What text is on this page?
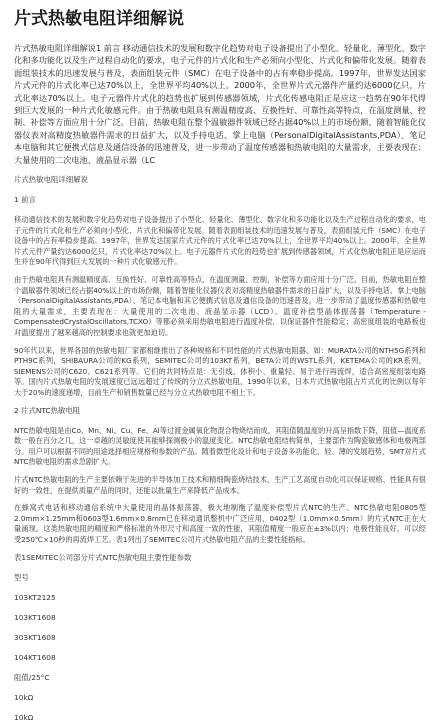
片式热敏电阻详细解说

片式热敏电阻详细解说1 前言 移动通信技术的发展和数字化趋势对电子设备提出了小型化、轻量化、薄型化、数字化和多功能化以及生产过程自动化的要求，电子元件的片式化和生产必须向小型化、片式化和偏带化发展。随着表面组装技术的迅速发展与普及，表面组装元件（SMC）在电子设备中的占有率稳步提高。1997年，世界发达国家片式元件的片式化率已达70%以上，全世界平均40%以上。2000年，全世界片式元器件产量约达6000亿只，片式化率达70%以上。电子元器件片式化的趋势也扩展到传感器领域，片式化传感电阻正是应这一趋势在90年代得到巨大发展的一种片式化敏感元件。由于热敏电阻具有测温精度高、互换性好、可靠性高等特点，在温度测量、控制、补偿等方面应用十分广泛。目前，热敏电阻在整个温敏器件领域已经占据40%以上的市场份额，随着智能化仪器仪表对高精度热敏器件需求的日益扩大，以及手持电话、掌上电脑（PersonalDigitalAssistants,PDA）、笔记本电脑和其它便携式信息及通信设备的迅速普及，进一步带动了温度传感器和热敏电阻的大量需求，主要表现在：大量使用的二次电池、液晶显示器（LC

片式热敏电阻详细解说

1 前言

移动通信技术的发展和数字化趋势对电子设备提出了小型化、轻量化、薄型化、数字化和多功能化以及生产过程自动化的要求，电子元件的片式化和生产必须向小型化、片式化和偏带化发展。随着表面组装技术的迅速发展与普及，表面组装元件（SMC）在电子设备中的占有率稳步提高。1997年，世界发达国家片式元件的片式化率已达70%以上，全世界平均40%以上。2000年，全世界片式元件产量约达6000亿只，片式化率达70%以上。电子元器件片式化的趋势也扩展到传感器领域，片式化热敏电阻正是应运而生并在90年代得到巨大发展的一种片式化敏感元件。

由于热敏电阻具有测温精度高、互换性好、可靠性高等特点，在温度测量、控制、补偿等方面应用十分广泛。目前，热敏电阻在整个温敏器件领域已经占据40%以上的市场份额，随着智能化仪器仪表对高精度热敏器件需求的日益扩大，以及手持电话、掌上电脑（PersonalDigitalAssistants,PDA）、笔记本电脑和其它便携式信息及通信设备的迅速普及，进一步带动了温度传感器和热敏电阻的大量需求，主要表现在：大量使用的二次电池、液晶显示器（LCD）、温度补偿型晶体振荡器（Temperature - CompensatedCrystalOscillators,TCXO）等都必须采用热敏电阻进行温度补偿，以保证器件性能稳定；高密度组装的电路板也对温度提出了越来越高的控制要求也就更加迫切。

90年代以来，世界各国的热敏电阻厂家都相继推出了各种规格和不同性能的片式热敏电阻器，如：MURATA公司的NTH5G系列和PTH9C系列，SHIBAURA公司的KG系列，SEMITEC公司的103KT系列，BETA公司的WSTL系列，KETEMA公司的KR系列，SIEMENS公司的C620、C621系列等。它们的共同特点是：无引线、体积小、重量轻、易于进行再流焊，适合高密度组装电路等。国内片式热敏电阻的发展速度已远远超过了传统的分立式热敏电阻，1990年以来，日本片式热敏电阻占片式化的比例以每年大于20%的速度递增，目前生产和销售数量已经与分立式热敏电阻不相上下。

2 片式NTC热敏电阻

NTC热敏电阻是由Co、Mn、Ni、Cu、Fe、Al等过渡金属氧化物混合物烧结而成，其阻值随温度的升高呈指数下降，阻值—温度系数一般在百分之几，这一卓越的灵敏度使其能够探测极小的温度变化。NTC热敏电阻结构简单，主要部件为陶瓷敏感体和电极两部分。用户可以根据不同的用途选择相应规格和参数的产品。随着微型化设计和电子设备多功能化、轻、薄的发展趋势，SMT对片式NTC热敏电阻的需求急剧扩大。

片式NTC热敏电阻的生产主要依赖于先进的半导体加工技术和精细陶瓷烧结技术，生产工艺高度自动化可以保证规格、性能具有很好的一致性，在提供质量产品的同时，还能以批量生产来降低产品成本。

在蜂窝式电话和移动通信系统中大量使用的晶体振荡器，极大地制衡了温度补偿型片式NTC的生产。NTC热敏电阻0805型2.0mm×1.25mm和0603型1.6mm×0.8mm已在移动通讯整机中广泛应用，0402型（1.0mm×0.5mm）的片式NTC正在大量涌现。这类热敏电阻的精度和严格标准的外形尺寸和高度一致的性能，其阻值精度一般应在±3%以内；电极性能良好，可以经受250℃×10秒的再流焊工艺。表1列出了SEMITEC公司片式热敏电阻产品的主要性能指标。

表1SEMITEC公司部分片式NTC热敏电阻主要性能参数

型号

103KT2125

103KT1608

303KT1608

104KT1608

阻值/25°C

10kΩ

10kΩ
